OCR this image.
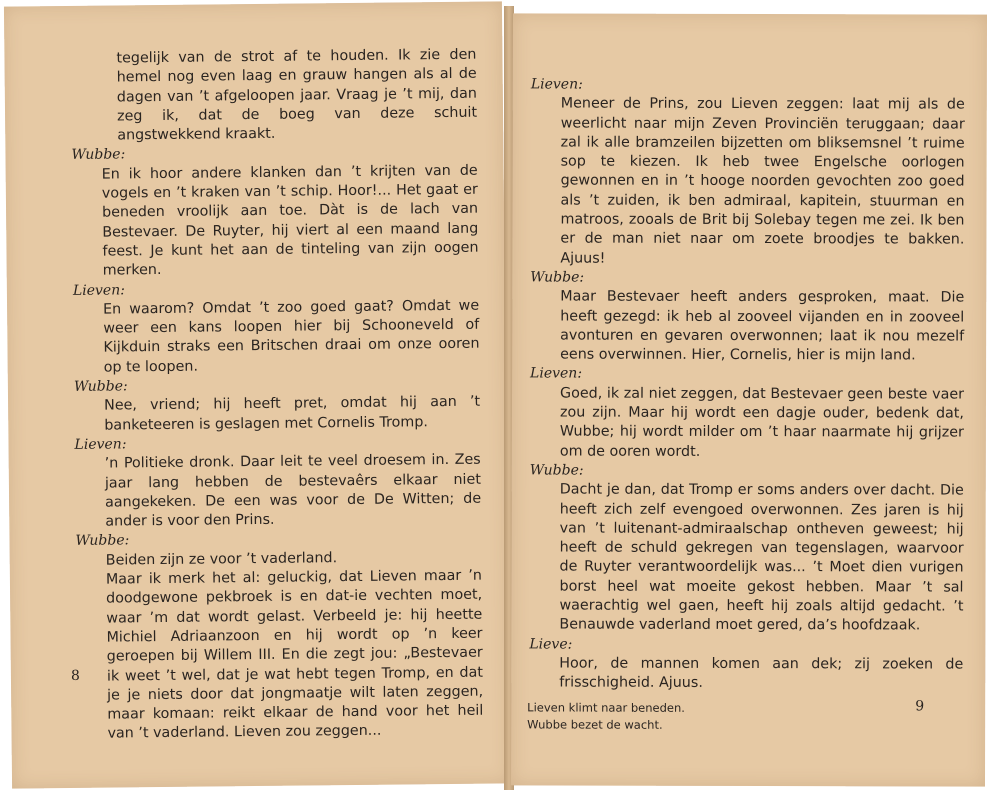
tegelijk van de strot af te houden. Ik zie den hemel nog even laag en grauw hangen als al de dagen van ’t afgeloopen jaar. Vraag je ’t mij, dan zeg ik, dat de boeg van deze schuit angstwekkend kraakt.
Wubbe:
En ik hoor andere klanken dan ’t krijten van de vogels en ’t kraken van ’t schip. Hoor!... Het gaat er beneden vroolijk aan toe. Dàt is de lach van Bestevaer. De Ruyter, hij viert al een maand lang feest. Je kunt het aan de tinteling van zijn oogen merken.
Lieven:
En waarom? Omdat ’t zoo goed gaat? Omdat we weer een kans loopen hier bij Schooneveld of Kijkduin straks een Britschen draai om onze ooren op te loopen.
Wubbe:
Nee, vriend; hij heeft pret, omdat hij aan ’t banketeeren is geslagen met Cornelis Tromp.
Lieven:
’n Politieke dronk. Daar leit te veel droesem in. Zes jaar lang hebben de bestevaêrs elkaar niet aangekeken. De een was voor de De Witten; de ander is voor den Prins.
Wubbe:
Beiden zijn ze voor ’t vaderland.
Maar ik merk het al: geluckig, dat Lieven maar ’n doodgewone pekbroek is en dat-ie vechten moet, waar ’m dat wordt gelast. Verbeeld je: hij heette Michiel Adriaanzoon en hij wordt op ’n keer geroepen bij Willem III. En die zegt jou: „Bestevaer ik weet ’t wel, dat je wat hebt tegen Tromp, en dat je je niets door dat jongmaatje wilt laten zeggen, maar komaan: reikt elkaar de hand voor het heil van ’t vaderland. Lieven zou zeggen...
8
Lieven:
Meneer de Prins, zou Lieven zeggen: laat mij als de weerlicht naar mijn Zeven Provinciën teruggaan; daar zal ik alle bramzeilen bijzetten om bliksemsnel ’t ruime sop te kiezen. Ik heb twee Engelsche oorlogen gewonnen en in ’t hooge noorden gevochten zoo goed als ’t zuiden, ik ben admiraal, kapitein, stuurman en matroos, zooals de Brit bij Solebay tegen me zei. Ik ben er de man niet naar om zoete broodjes te bakken. Ajuus!
Wubbe:
Maar Bestevaer heeft anders gesproken, maat. Die heeft gezegd: ik heb al zooveel vijanden en in zooveel avonturen en gevaren overwonnen; laat ik nou mezelf eens overwinnen. Hier, Cornelis, hier is mijn land.
Lieven:
Goed, ik zal niet zeggen, dat Bestevaer geen beste vaer zou zijn. Maar hij wordt een dagje ouder, bedenk dat, Wubbe; hij wordt milder om ’t haar naarmate hij grijzer om de ooren wordt.
Wubbe:
Dacht je dan, dat Tromp er soms anders over dacht. Die heeft zich zelf evengoed overwonnen. Zes jaren is hij van ’t luitenant-admiraalschap ontheven geweest; hij heeft de schuld gekregen van tegenslagen, waarvoor de Ruyter verantwoordelijk was... ’t Moet dien vurigen borst heel wat moeite gekost hebben. Maar ’t sal waerachtig wel gaen, heeft hij zoals altijd gedacht. ’t Benauwde vaderland moet gered, da’s hoofdzaak.
Lieve:
Hoor, de mannen komen aan dek; zij zoeken de frisschigheid. Ajuus.
Lieven klimt naar beneden.
Wubbe bezet de wacht.
9
